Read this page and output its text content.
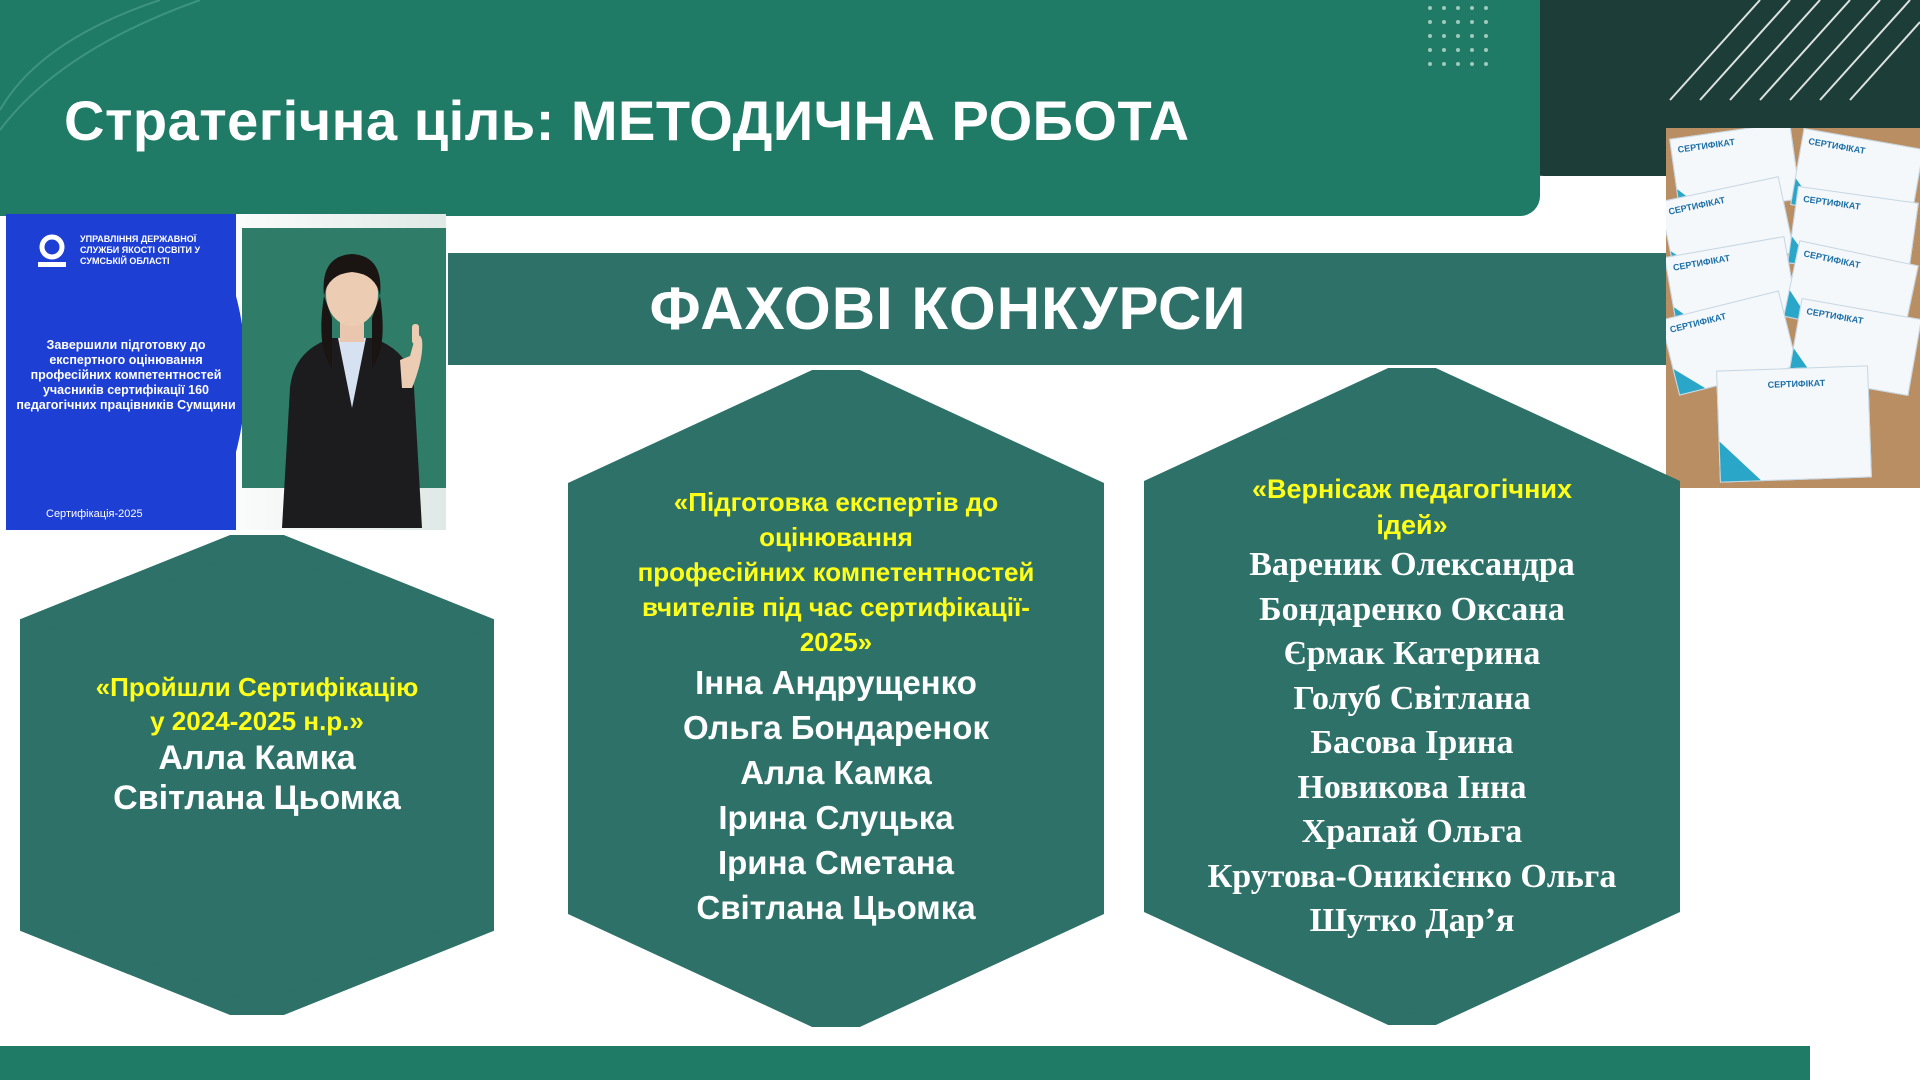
Стратегічна ціль: МЕТОДИЧНА РОБОТА
ФАХОВІ КОНКУРСИ
УПРАВЛІННЯ ДЕРЖАВНОЇ СЛУЖБИ ЯКОСТІ ОСВІТИ У СУМСЬКІЙ ОБЛАСТІ
Завершили підготовку до експертного оцінювання професійних компетентностей учасників сертифікації 160 педагогічних працівників Сумщини
Сертифікація-2025
СЕРТИФІКАТ	СЕРТИФІКАТ
СЕРТИФІКАТ	СЕРТИФІКАТ
СЕРТИФІКАТ	СЕРТИФІКАТ
СЕРТИФІКАТ	СЕРТИФІКАТ
СЕРТИФІКАТ
«Пройшли Сертифікацію
у 2024-2025 н.р.»
Алла Камка
Світлана Цьомка
«Підготовка експертів до
оцінювання
професійних компетентностей
вчителів під час сертифікації-
2025»
Інна Андрущенко
Ольга Бондаренок
Алла Камка
Ірина Слуцька
Ірина Сметана
Світлана Цьомка
«Вернісаж педагогічних
ідей»
Вареник Олександра
Бондаренко Оксана
Єрмак Катерина
Голуб Світлана
Басова Ірина
Новикова Інна
Храпай Ольга
Крутова-Оникієнко Ольга
Шутко Дарʼя
